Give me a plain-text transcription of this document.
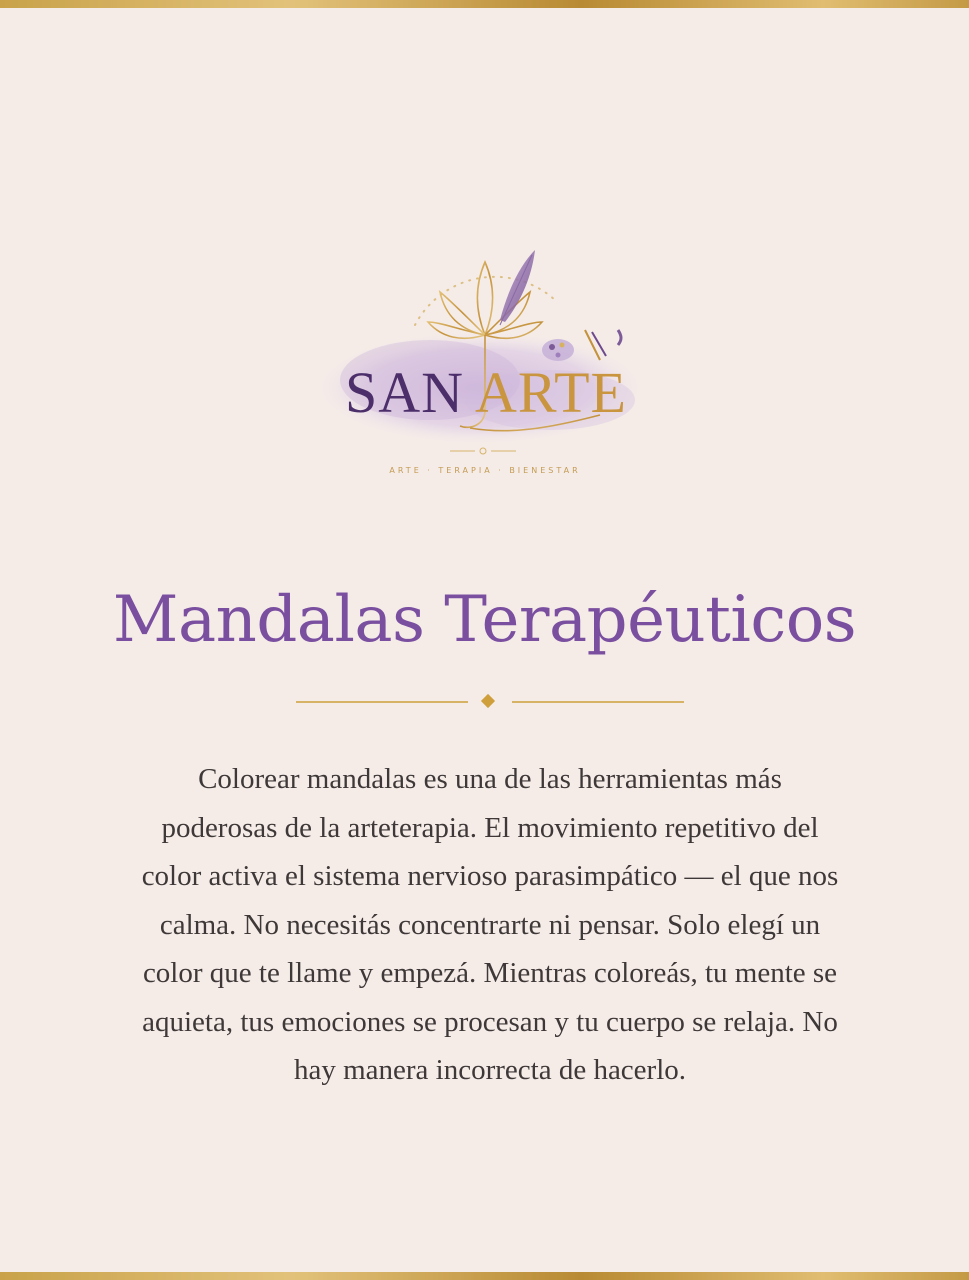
SAN ARTE
ARTE · TERAPIA · BIENESTAR
Mandalas Terapéuticos
Colorear mandalas es una de las herramientas más poderosas de la arteterapia. El movimiento repetitivo del color activa el sistema nervioso parasimpático — el que nos calma. No necesitás concentrarte ni pensar. Solo elegí un color que te llame y empezá. Mientras coloreás, tu mente se aquieta, tus emociones se procesan y tu cuerpo se relaja. No hay manera incorrecta de hacerlo.
